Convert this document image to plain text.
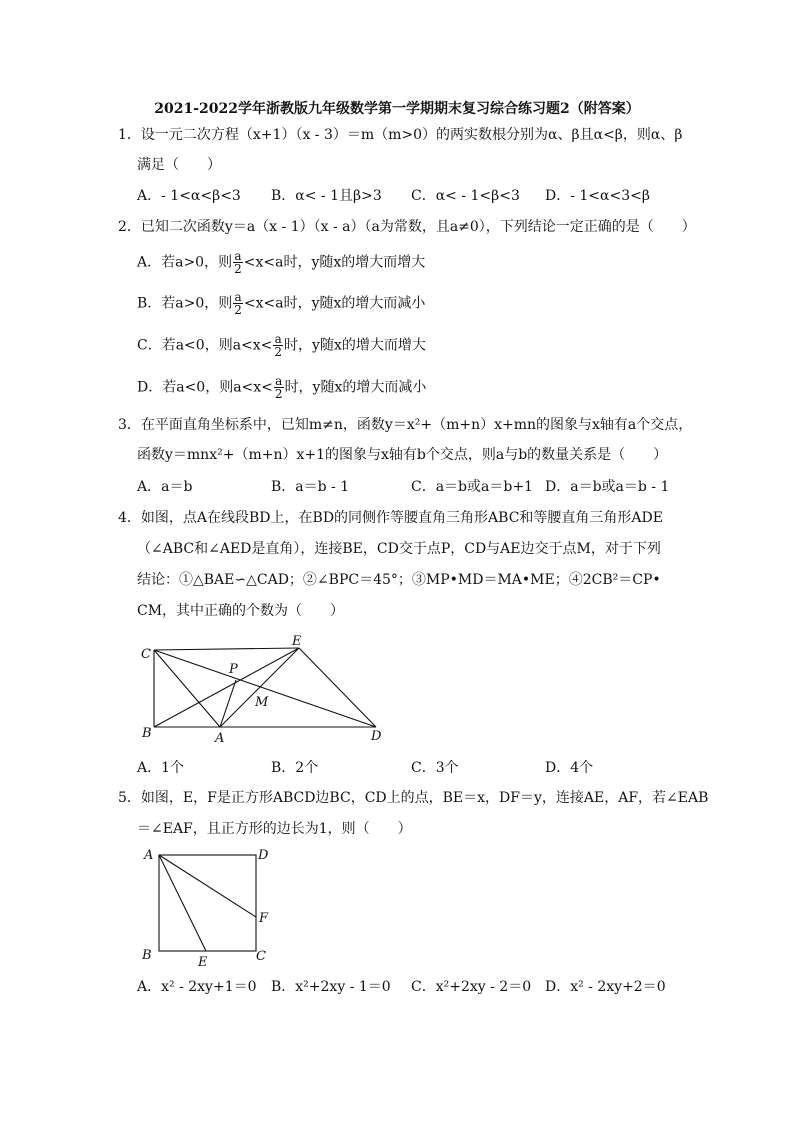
2021-2022学年浙教版九年级数学第一学期期末复习综合练习题2（附答案）
1．设一元二次方程（x+1）（x - 3）＝m（m>0）的两实数根分别为α、β且α<β，则α、β
满足（　　）
A．- 1<α<β<3 B．α< - 1且β>3 C．α< - 1<β<3 D．- 1<α<3<β
2．已知二次函数y＝a（x - 1）（x - a）（a为常数，且a≠0），下列结论一定正确的是（　　）
A．若a>0，则 $\frac{a}{2} <x<a$时，y随x的增大而增大
B．若a>0，则 $\frac{a}{2} <x<a$时，y随x的增大而减小
C．若a<0，则$a<x< \frac{a}{2}$ 时，y随x的增大而增大
D．若a<0，则$a<x< \frac{a}{2}$ 时，y随x的增大而减小
3．在平面直角坐标系中，已知m≠n，函数y＝x²+（m+n）x+mn的图象与x轴有a个交点，
函数y＝mnx²+（m+n）x+1的图象与x轴有b个交点，则a与b的数量关系是（　　）
A．a＝b	B．a＝b - 1	C．a＝b或a＝b+1 D．a＝b或a＝b - 1
4．如图，点A在线段BD上，在BD的同侧作等腰直角三角形ABC和等腰直角三角形ADE
（∠ABC和∠AED是直角），连接BE，CD交于点P，CD与AE边交于点M，对于下列
结论：①△BAE∽△CAD；②∠BPC＝45°；③MP•MD＝MA•ME；④2CB²＝CP•
CM，其中正确的个数为（　　）
C
E
P
M
B	A	D
A．1个	B．2个	C．3个	D．4个
5．如图，E，F是正方形ABCD边BC，CD上的点，BE＝x，DF＝y，连接AE，AF，若∠EAB
＝∠EAF，且正方形的边长为1，则（　　）
A	D
F
B	E	C
A．x² - 2xy+1＝0 B．x²+2xy - 1＝0 C．x²+2xy - 2＝0 D．x² - 2xy+2＝0
